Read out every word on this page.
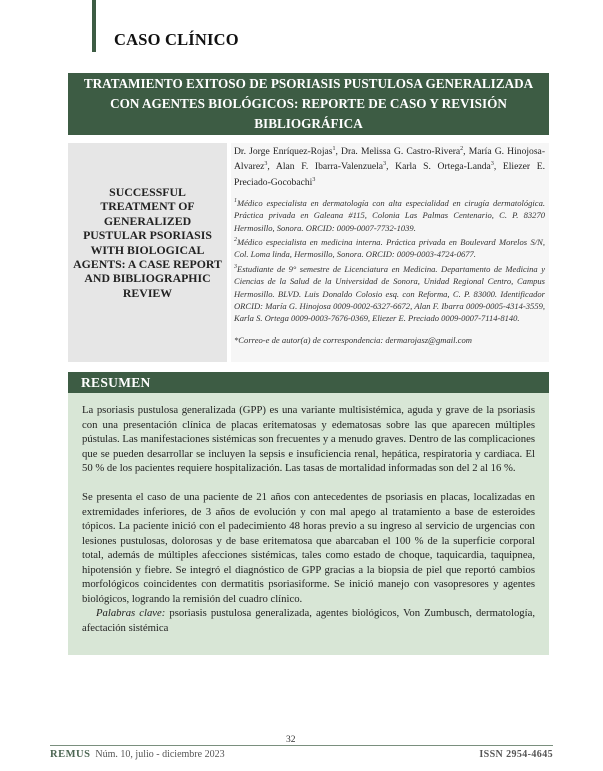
CASO CLÍNICO
TRATAMIENTO EXITOSO DE PSORIASIS PUSTULOSA GENERALIZADA CON AGENTES BIOLÓGICOS: REPORTE DE CASO Y REVISIÓN BIBLIOGRÁFICA
SUCCESSFUL TREATMENT OF GENERALIZED PUSTULAR PSORIASIS WITH BIOLOGICAL AGENTS: A CASE REPORT AND BIBLIOGRAPHIC REVIEW
Dr. Jorge Enríquez-Rojas$^1$, Dra. Melissa G. Castro-Rivera$^2$, María G. Hinojosa-Alvarez$^3$, Alan F. Ibarra-Valenzuela$^3$, Karla S. Ortega-Landa$^3$, Eliezer E. Preciado-Gocobachi$^3$
$^1$Médico especialista en dermatología con alta especialidad en cirugía dermatológica. Práctica privada en Galeana #115, Colonia Las Palmas Centenario, C. P. 83270 Hermosillo, Sonora. ORCID: 0009-0007-7732-1039.
$^2$Médico especialista en medicina interna. Práctica privada en Boulevard Morelos S/N, Col. Loma linda, Hermosillo, Sonora. ORCID: 0009-0003-4724-0677.
$^3$Estudiante de 9° semestre de Licenciatura en Medicina. Departamento de Medicina y Ciencias de la Salud de la Universidad de Sonora, Unidad Regional Centro, Campus Hermosillo. BLVD. Luis Donaldo Colosio esq. con Reforma, C. P. 83000. Identificador ORCID: María G. Hinojosa 0009-0002-6327-6672, Alan F. Ibarra 0009-0005-4314-3559, Karla S. Ortega 0009-0003-7676-0369, Eliezer E. Preciado 0009-0007-7114-8140.
*Correo-e de autor(a) de correspondencia: dermarojasz@gmail.com
RESUMEN

La psoriasis pustulosa generalizada (GPP) es una variante multisistémica, aguda y grave de la psoriasis con una presentación clínica de placas eritematosas y edematosas sobre las que aparecen múltiples pústulas. Las manifestaciones sistémicas son frecuentes y a menudo graves. Dentro de las complicaciones que se pueden desarrollar se incluyen la sepsis e insuficiencia renal, hepática, respiratoria y cardiaca. El 50 % de los pacientes requiere hospitalización. Las tasas de mortalidad informadas son del 2 al 16 %.

Se presenta el caso de una paciente de 21 años con antecedentes de psoriasis en placas, localizadas en extremidades inferiores, de 3 años de evolución y con mal apego al tratamiento a base de esteroides tópicos. La paciente inició con el padecimiento 48 horas previo a su ingreso al servicio de urgencias con lesiones pustulosas, dolorosas y de base eritematosa que abarcaban el 100 % de la superficie corporal total, además de múltiples afecciones sistémicas, tales como estado de choque, taquicardia, taquipnea, hipotensión y fiebre. Se integró el diagnóstico de GPP gracias a la biopsia de piel que reportó cambios morfológicos coincidentes con dermatitis psoriasiforme. Se inició manejo con vasopresores y agentes biológicos, logrando la remisión del cuadro clínico.

Palabras clave: psoriasis pustulosa generalizada, agentes biológicos, Von Zumbusch, dermatología, afectación sistémica

32
REMUS Núm. 10, julio - diciembre 2023	ISSN 2954-4645
